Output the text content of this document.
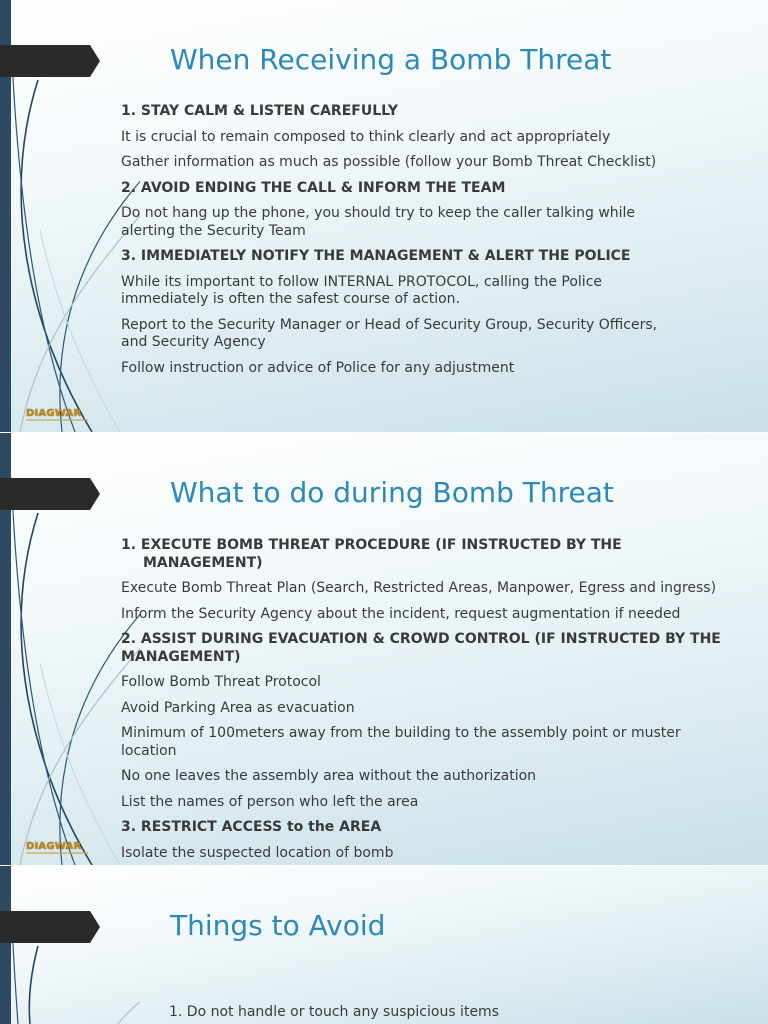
When Receiving a Bomb Threat
1. STAY CALM & LISTEN CAREFULLY
It is crucial to remain composed to think clearly and act appropriately
Gather information as much as possible (follow your Bomb Threat Checklist)
2. AVOID ENDING THE CALL & INFORM THE TEAM
Do not hang up the phone, you should try to keep the caller talking while alerting the Security Team
3. IMMEDIATELY NOTIFY THE MANAGEMENT & ALERT THE POLICE
While its important to follow INTERNAL PROTOCOL, calling the Police immediately is often the safest course of action.
Report to the Security Manager or Head of Security Group, Security Officers, and Security Agency
Follow instruction or advice of Police for any adjustment
DIAGWAR
What to do during Bomb Threat
1. EXECUTE BOMB THREAT PROCEDURE (IF INSTRUCTED BY THE MANAGEMENT)
Execute Bomb Threat Plan (Search, Restricted Areas, Manpower, Egress and ingress)
Inform the Security Agency about the incident, request augmentation if needed
2. ASSIST DURING EVACUATION & CROWD CONTROL (IF INSTRUCTED BY THE MANAGEMENT)
Follow Bomb Threat Protocol
Avoid Parking Area as evacuation
Minimum of 100meters away from the building to the assembly point or muster location
No one leaves the assembly area without the authorization
List the names of person who left the area
3. RESTRICT ACCESS to the AREA
Isolate the suspected location of bomb
DIAGWAR
Things to Avoid
1. Do not handle or touch any suspicious items
